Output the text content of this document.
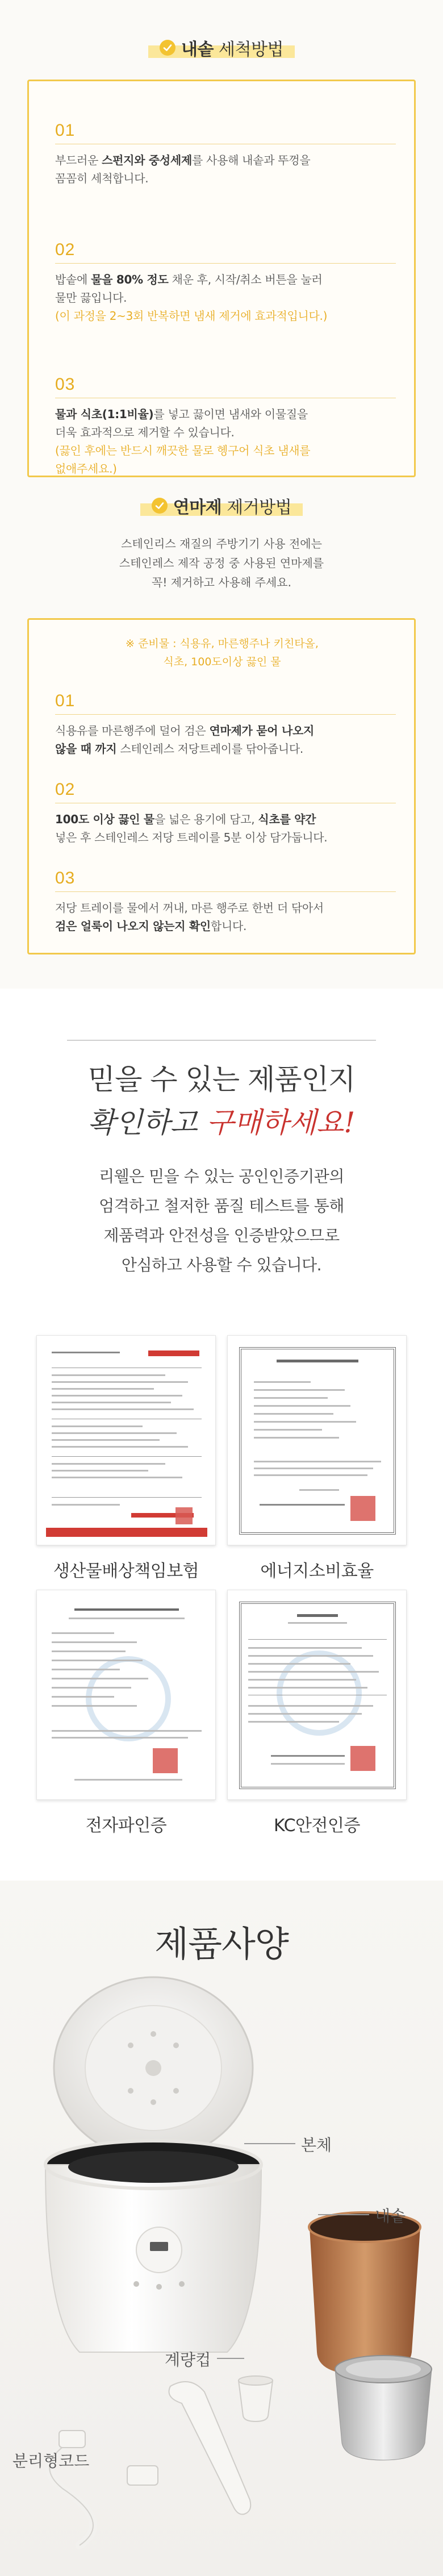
내솥 세척방법
01

부드러운 스펀지와 중성세제를 사용해 내솥과 뚜껑을

꼼꼼히 세척합니다.

02

밥솥에 물을 80% 정도 채운 후, 시작/취소 버튼을 눌러

물만 끓입니다.

(이 과정을 2~3회 반복하면 냄새 제거에 효과적입니다.)

03

물과 식초(1:1비율)를 넣고 끓이면 냄새와 이물질을

더욱 효과적으로 제거할 수 있습니다.

(끓인 후에는 반드시 깨끗한 물로 헹구어 식초 냄새를

없애주세요.)

연마제 제거방법
스테인리스 재질의 주방기기 사용 전에는
스테인레스 제작 공정 중 사용된 연마제를
꼭! 제거하고 사용해 주세요.
※ 준비물 : 식용유, 마른행주나 키친타올,
식초, 100도이상 끓인 물
01

식용유를 마른행주에 덜어 검은 연마제가 묻어 나오지

않을 때 까지 스테인레스 저당트레이를 닦아줍니다.

02

100도 이상 끓인 물을 넓은 용기에 담고, 식초를 약간

넣은 후 스테인레스 저당 트레이를 5분 이상 담가둡니다.

03

저당 트레이를 물에서 꺼내, 마른 행주로 한번 더 닦아서

검은 얼룩이 나오지 않는지 확인합니다.

믿을 수 있는 제품인지
확인하고 구매하세요!
리웰은 믿을 수 있는 공인인증기관의
엄격하고 철저한 품질 테스트를 통해
제품력과 안전성을 인증받았으므로
안심하고 사용할 수 있습니다.
생산물배상책임보험	에너지소비효율
전자파인증	KC안전인증
제품사양
본체
내솥
계량컵
분리형코드
